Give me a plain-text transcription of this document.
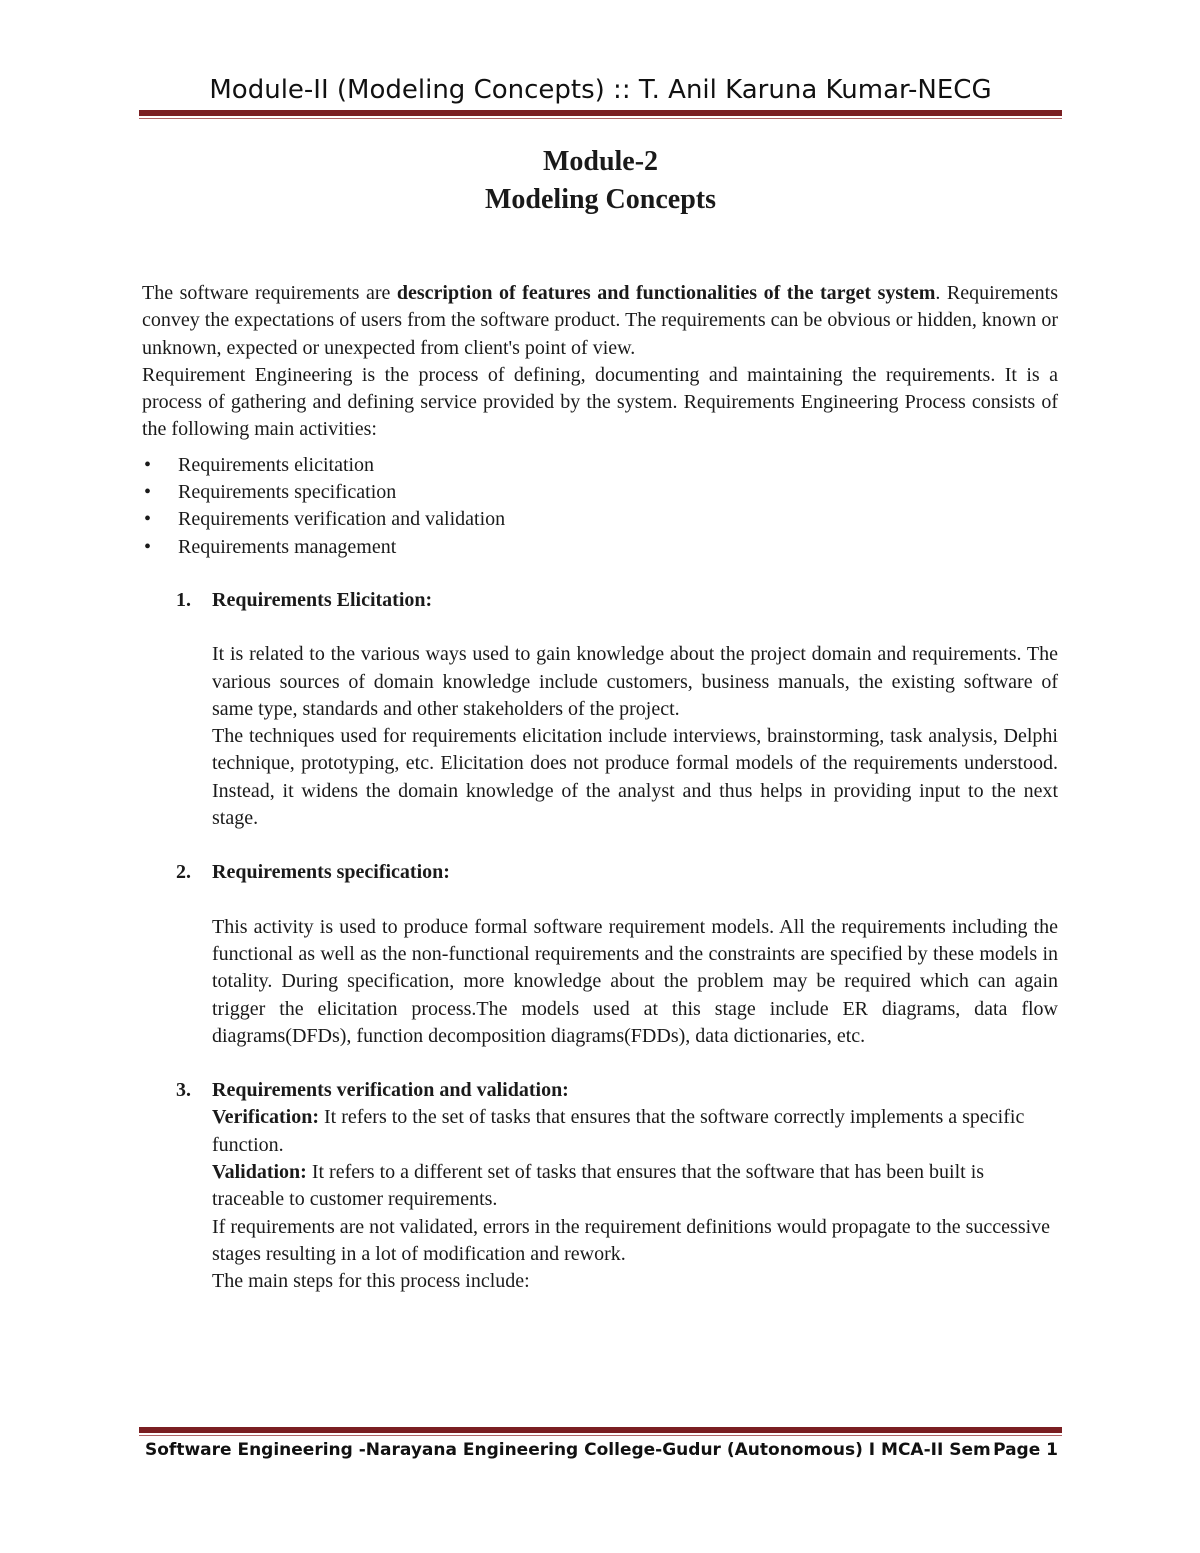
Module-II (Modeling Concepts) :: T. Anil Karuna Kumar-NECG
Module-2
Modeling Concepts

The software requirements are description of features and functionalities of the target system. Requirements convey the expectations of users from the software product. The requirements can be obvious or hidden, known or unknown, expected or unexpected from client's point of view.

Requirement Engineering is the process of defining, documenting and maintaining the requirements. It is a process of gathering and defining service provided by the system. Requirements Engineering Process consists of the following main activities:

• Requirements elicitation
• Requirements specification
• Requirements verification and validation
• Requirements management
1. Requirements Elicitation:
It is related to the various ways used to gain knowledge about the project domain and requirements. The various sources of domain knowledge include customers, business manuals, the existing software of same type, standards and other stakeholders of the project.
The techniques used for requirements elicitation include interviews, brainstorming, task analysis, Delphi technique, prototyping, etc. Elicitation does not produce formal models of the requirements understood. Instead, it widens the domain knowledge of the analyst and thus helps in providing input to the next stage.
2. Requirements specification:
This activity is used to produce formal software requirement models. All the requirements including the functional as well as the non-functional requirements and the constraints are specified by these models in totality. During specification, more knowledge about the problem may be required which can again trigger the elicitation process.The models used at this stage include ER diagrams, data flow diagrams(DFDs), function decomposition diagrams(FDDs), data dictionaries, etc.
3. Requirements verification and validation:
Verification: It refers to the set of tasks that ensures that the software correctly implements a specific function.
Validation: It refers to a different set of tasks that ensures that the software that has been built is traceable to customer requirements.
If requirements are not validated, errors in the requirement definitions would propagate to the successive stages resulting in a lot of modification and rework.
The main steps for this process include:
Software Engineering -Narayana Engineering College-Gudur (Autonomous) I MCA-II Sem Page 1
